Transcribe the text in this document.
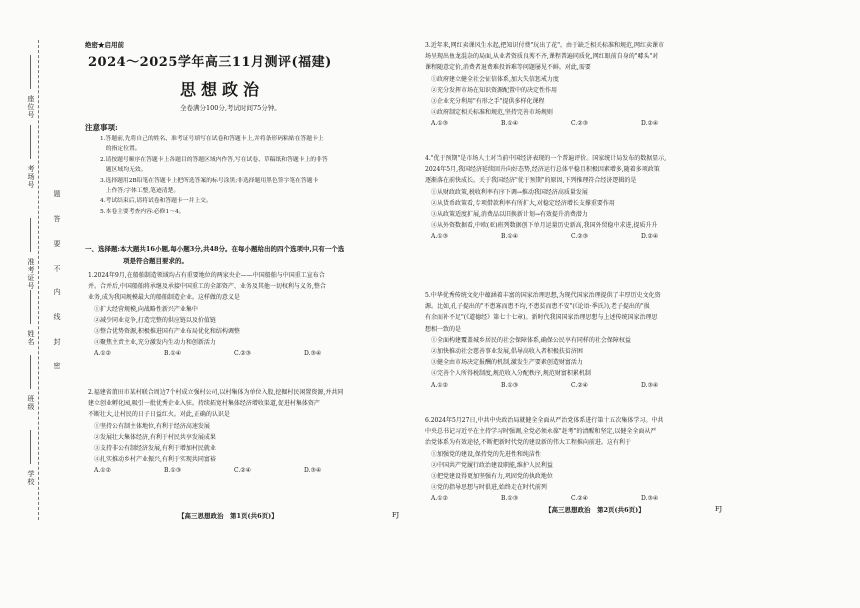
学校
班级
姓名
准考证号
考场号
座位号
题
答
要
不
内
线
封
密
绝密★启用前
2024～2025学年高三11月测评(福建)
思想政治
全卷满分100分,考试时间75分钟。
注意事项:
1.答题前,先将自己的姓名、准考证号填写在试卷和答题卡上,并将条形码粘贴在答题卡上
　的指定位置。
2.请按题号顺序在答题卡上各题目的答题区域内作答,写在试卷、草稿纸和答题卡上的非答
　题区域均无效。
3.选择题用2B铅笔在答题卡上把所选答案的标号涂黑;非选择题用黑色签字笔在答题卡
　上作答;字体工整,笔迹清楚。
4.考试结束后,请将试卷和答题卡一并上交。
5.本卷主要考查内容:必修1～4。
一、选择题:本大题共16小题,每小题3分,共48分。在每小题给出的四个选项中,只有一个选
项是符合题目要求的。
1.2024年9月,在船舶制造领域均占有重要地位的两家央企——中国船舶与中国重工宣布合
并。合并后,中国船舶将承继及承接中国重工的全部资产、业务及其他一切权利与义务,整合
业务,成为我国规模最大的船舶制造企业。这样做的意义是
①扩大经营规模,向战略性新兴产业集中
②减少同业竞争,打造完整的供应链以及价值链
③整合优势资源,积极推进国有产业布局优化和结构调整
④聚焦主责主业,充分激发内生动力和创新活力
A.①②	B.①④	C.②③	D.③④
2.福建省莆田市某村联合周边7个村成立强村公司,以村集体为单位入股,挖掘村民闲置资源,并共同
建立创业孵化园,吸引一批优秀企业入驻。持续拓宽村集体经济增收渠道,促进村集体资产
不断壮大,让村民的日子日益红火。对此,正确的认识是
①坚持公有制主体地位,有利于经济高速发展
②发展壮大集体经济,有利于村民共享发展成果
③支持非公有制经济发展,有利于增加村民就业
④扎实推动乡村产业振兴,有利于实现共同富裕
A.①②	B.①③	C.②④	D.③④
3.近年来,网红卖课风生水起,把知识付费"玩出了花"。由于缺乏相关标准和规范,网红卖课市
场呈现出鱼龙混杂的局面,从业者资质良莠不齐,课程普遍同质化,网红眼前自身的"噱头"对
课程随意定价,消费者退费难投诉难等问题屡见不鲜。对此,需要
①政府建立健全社会征信体系,加大失信惩戒力度
②充分发挥市场在知识资源配置中的决定性作用
③企业充分利用"有形之手"提供多样化课程
④政府制定相关标准和规范,坚持完善市场规则
A.①③	B.①④	C.②③	D.②④
4."优于预期"是市场人士对当前中国经济表现的一个普遍评价。国家统计局发布的数据显示,
2024年5月,我国经济延续回升向好态势,经济运行总体平稳且积极因素增多,随着多项政策
逐渐落在前快成长。关于我国经济"优于预期"的原因,下列推理符合经济逻辑的是
①从财政政策,税收利率有序下调→推动我国经济高质量发展
②从货币政策看,专项借款利率有所扩大,对稳定经济增长支撑重要作用
③从政策适度扩展,消费品以旧换新计划→有效提升消费潜力
④从外资数据看,中欧(亚)班列数据创下单月运量历史新高,我国外贸稳中求进,提质升升
A.①③	B.①④	C.②③	D.②④
5.中华优秀传统文化中蕴涵着丰富的国家治理思想,为现代国家治理提供了丰厚历史文化资
源。比如,孔子提出的"不患寡而患不均,不患贫而患不安"(《论语·季氏》),老子提出的"损
有余而补不足"(《道德经》第七十七章)。新时代我国国家治理思想与上述传统国家治理思
想相一致的是
①全面构建覆盖城乡居民的社会保障体系,确保公民享有同样的社会保障权益
②加快推动社会慈善事业发展,倡导高收入者积极扶贫济困
③健全由市场决定报酬的机制,激发生产要素创造财富活力
④完善个人所得税制度,规范收入分配秩序,规范财富积累机制
A.①②	B.①③	C.②④	D.③④
6.2024年5月27日,中共中央政治局就健全全面从严治党体系进行第十五次集体学习。中共
中央总书记习近平在主持学习时强调,全党必须永葆"赶考"的清醒和坚定,以健全全面从严
治党体系为有效途径,不断把新时代党的建设新的伟大工程推向前进。这有利于
①加强党的建设,保持党的先进性和纯洁性
②中国共产党履行政治建设职能,维护人民利益
③把党建设得更加坚强有力,巩固党的执政地位
④党的指导思想与时俱进,始终走在时代前列
A.①②	B.①③	C.②④	D.③④
【高三思想政治　第1页(共6页)】	FJ
【高三思想政治　第2页(共6页)】	FJ
